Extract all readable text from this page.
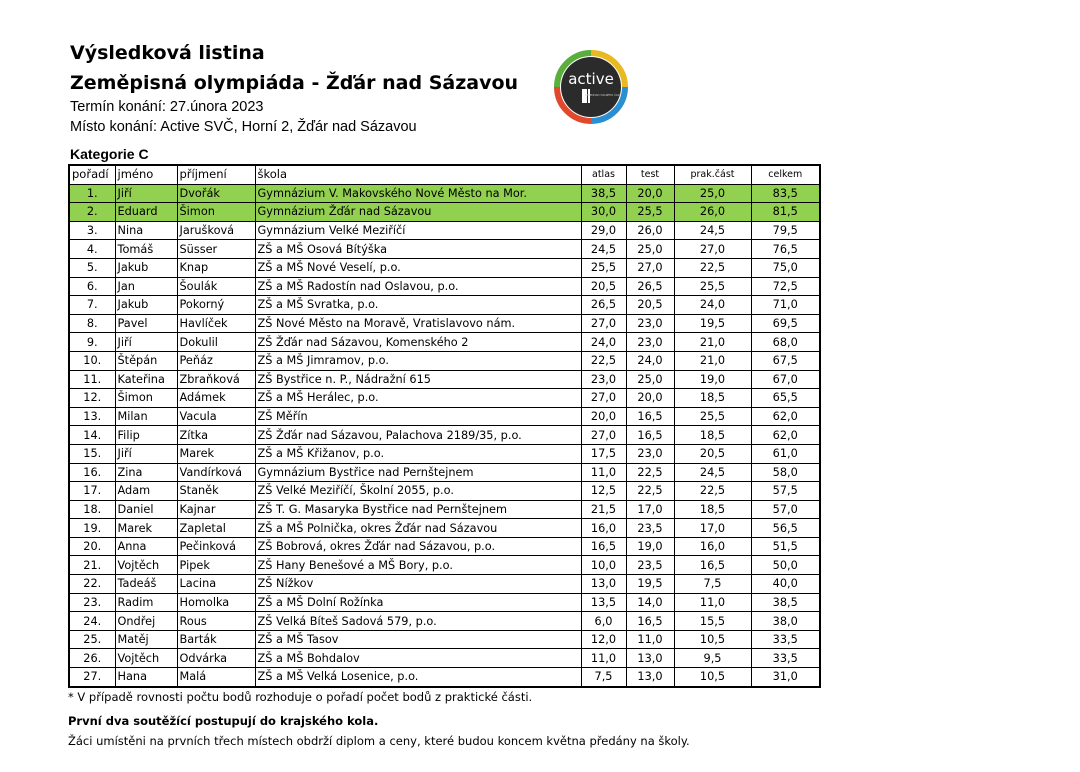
Výsledková listina
Zeměpisná olympiáda - Žďár nad Sázavou
Termín konání: 27.února 2023
Místo konání: Active SVČ, Horní 2, Žďár nad Sázavou
Kategorie C
active
STŘEDISKO VOLNÉHO ČASU
pořadí	jméno	příjmení	škola	atlas	test	prak.část	celkem
1.	Jiří	Dvořák	Gymnázium V. Makovského Nové Město na Mor.	38,5	20,0	25,0	83,5
2.	Eduard	Šimon	Gymnázium Žďár nad Sázavou	30,0	25,5	26,0	81,5
3.	Nina	Jarušková	Gymnázium Velké Meziříčí	29,0	26,0	24,5	79,5
4.	Tomáš	Süsser	ZŠ a MŠ Osová Bítýška	24,5	25,0	27,0	76,5
5.	Jakub	Knap	ZŠ a MŠ Nové Veselí, p.o.	25,5	27,0	22,5	75,0
6.	Jan	Šoulák	ZŠ a MŠ Radostín nad Oslavou, p.o.	20,5	26,5	25,5	72,5
7.	Jakub	Pokorný	ZŠ a MŠ Svratka, p.o.	26,5	20,5	24,0	71,0
8.	Pavel	Havlíček	ZŠ Nové Město na Moravě, Vratislavovo nám.	27,0	23,0	19,5	69,5
9.	Jiří	Dokulil	ZŠ Žďár nad Sázavou, Komenského 2	24,0	23,0	21,0	68,0
10.	Štěpán	Peňáz	ZŠ a MŠ Jimramov, p.o.	22,5	24,0	21,0	67,5
11.	Kateřina	Zbraňková	ZŠ Bystřice n. P., Nádražní 615	23,0	25,0	19,0	67,0
12.	Šimon	Adámek	ZŠ a MŠ Herálec, p.o.	27,0	20,0	18,5	65,5
13.	Milan	Vacula	ZŠ Měřín	20,0	16,5	25,5	62,0
14.	Filip	Zítka	ZŠ Žďár nad Sázavou, Palachova 2189/35, p.o.	27,0	16,5	18,5	62,0
15.	Jiří	Marek	ZŠ a MŠ Křižanov, p.o.	17,5	23,0	20,5	61,0
16.	Zina	Vandírková	Gymnázium Bystřice nad Pernštejnem	11,0	22,5	24,5	58,0
17.	Adam	Staněk	ZŠ Velké Meziříčí, Školní 2055, p.o.	12,5	22,5	22,5	57,5
18.	Daniel	Kajnar	ZŠ T. G. Masaryka Bystřice nad Pernštejnem	21,5	17,0	18,5	57,0
19.	Marek	Zapletal	ZŠ a MŠ Polnička, okres Žďár nad Sázavou	16,0	23,5	17,0	56,5
20.	Anna	Pečinková	ZŠ Bobrová, okres Žďár nad Sázavou, p.o.	16,5	19,0	16,0	51,5
21.	Vojtěch	Pipek	ZŠ Hany Benešové a MŠ Bory, p.o.	10,0	23,5	16,5	50,0
22.	Tadeáš	Lacina	ZŠ Nížkov	13,0	19,5	7,5	40,0
23.	Radim	Homolka	ZŠ a MŠ Dolní Rožínka	13,5	14,0	11,0	38,5
24.	Ondřej	Rous	ZŠ Velká Bíteš Sadová 579, p.o.	6,0	16,5	15,5	38,0
25.	Matěj	Barták	ZŠ a MŠ Tasov	12,0	11,0	10,5	33,5
26.	Vojtěch	Odvárka	ZŠ a MŠ Bohdalov	11,0	13,0	9,5	33,5
27.	Hana	Malá	ZŠ a MŠ Velká Losenice, p.o.	7,5	13,0	10,5	31,0
* V případě rovnosti počtu bodů rozhoduje o pořadí počet bodů z praktické části.
První dva soutěžící postupují do krajského kola.
Žáci umístěni na prvních třech místech obdrží diplom a ceny, které budou koncem května předány na školy.
